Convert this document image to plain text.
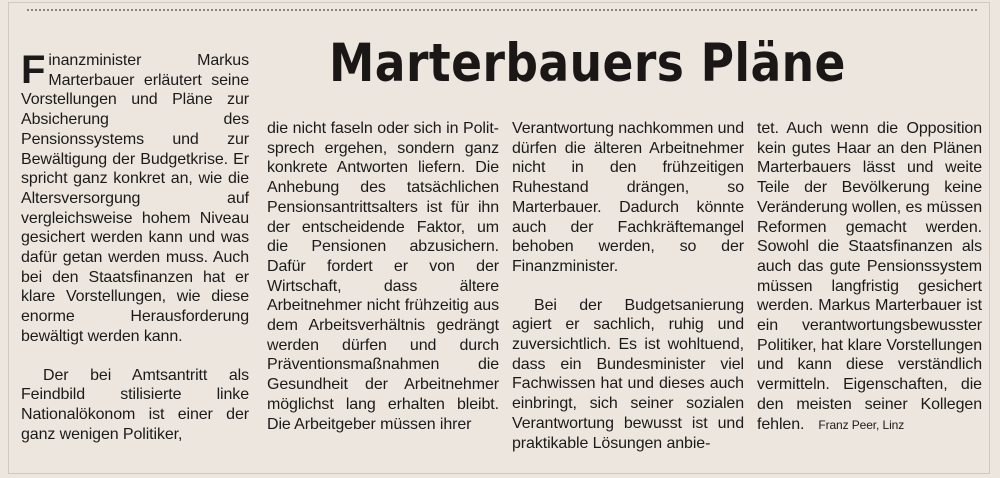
Marterbauers Pläne

Finanzminister Markus Marterbauer erläutert seine Vorstellungen und Pläne zur Absicherung des Pensionssystems und zur Bewältigung der Budgetkrise. Er spricht ganz konkret an, wie die Altersversorgung auf vergleichsweise hohem Niveau gesichert werden kann und was dafür getan werden muss. Auch bei den Staatsfinanzen hat er klare Vorstellungen, wie diese enorme Herausforderung bewältigt werden kann.

Der bei Amtsantritt als Feindbild stilisierte linke Nationalökonom ist einer der ganz wenigen Politiker,

die nicht faseln oder sich in Politsprech ergehen, sondern ganz konkrete Antworten liefern. Die Anhebung des tatsächlichen Pensionsantrittsalters ist für ihn der entscheidende Faktor, um die Pensionen abzusichern. Dafür fordert er von der Wirtschaft, dass ältere Arbeitnehmer nicht frühzeitig aus dem Arbeitsverhältnis gedrängt werden dürfen und durch Präventionsmaßnahmen die Gesundheit der Arbeitnehmer möglichst lang erhalten bleibt. Die Arbeitgeber müssen ihrer

Verantwortung nachkommen und dürfen die älteren Arbeitnehmer nicht in den frühzeitigen Ruhestand drängen, so Marterbauer. Dadurch könnte auch der Fachkräftemangel behoben werden, so der Finanzminister.

Bei der Budgetsanierung agiert er sachlich, ruhig und zuversichtlich. Es ist wohltuend, dass ein Bundesminister viel Fachwissen hat und dieses auch einbringt, sich seiner sozialen Verantwortung bewusst ist und praktikable Lösungen anbie-

tet. Auch wenn die Opposition kein gutes Haar an den Plänen Marterbauers lässt und weite Teile der Bevölkerung keine Veränderung wollen, es müssen Reformen gemacht werden. Sowohl die Staatsfinanzen als auch das gute Pensionssystem müssen langfristig gesichert werden. Markus Marterbauer ist ein verantwortungsbewusster Politiker, hat klare Vorstellungen und kann diese verständlich vermitteln. Eigenschaften, die den meisten seiner Kollegen fehlen. Franz Peer, Linz
